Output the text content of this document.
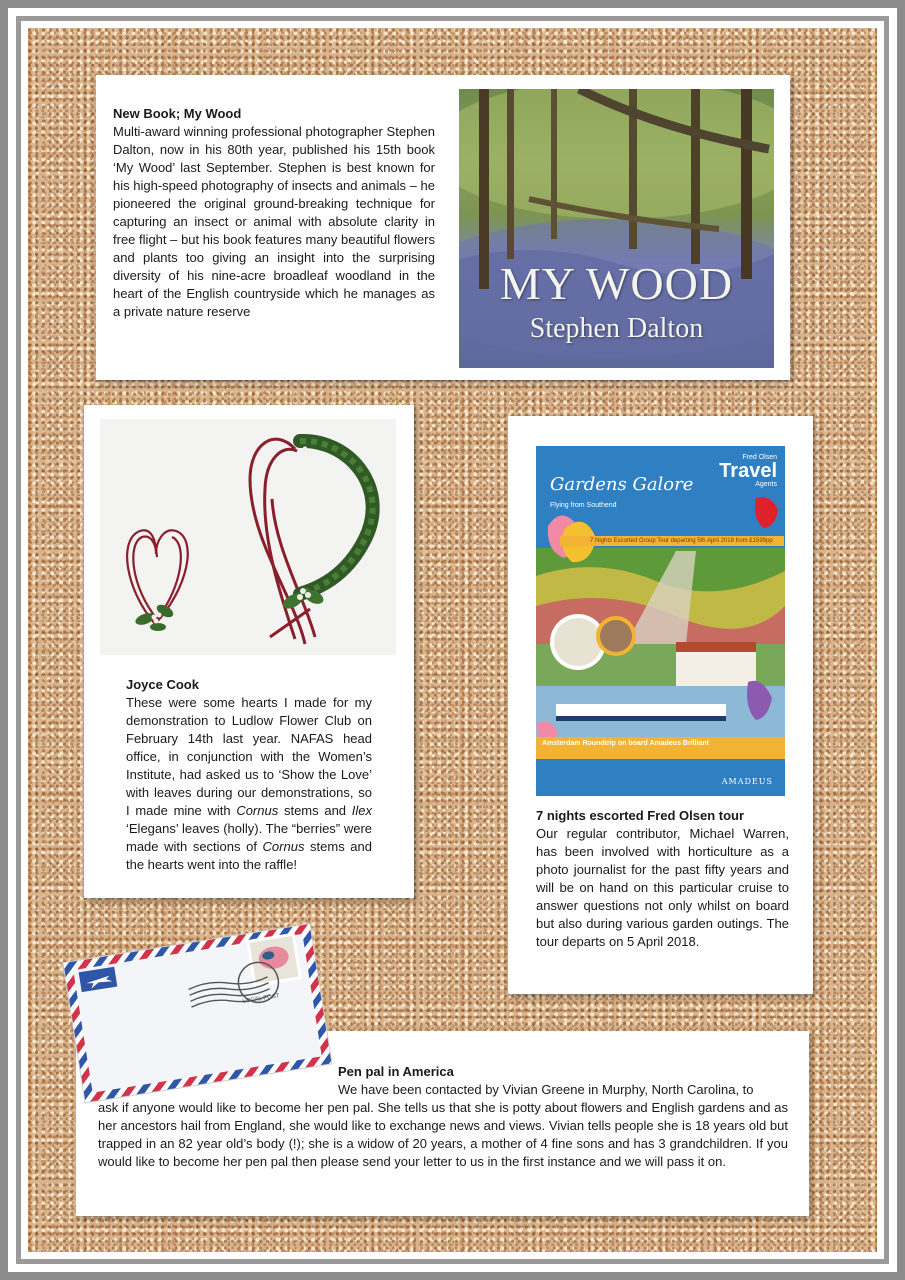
New Book; My Wood
Multi-award winning professional photographer Stephen Dalton, now in his 80th year, published his 15th book ‘My Wood’ last September. Stephen is best known for his high-speed photography of insects and animals – he pioneered the original ground-breaking technique for capturing an insect or animal with absolute clarity in free flight – but his book features many beautiful flowers and plants too giving an insight into the surprising diversity of his nine-acre broadleaf woodland in the heart of the English countryside which he manages as a private nature reserve
MY WOOD
Stephen Dalton
Joyce Cook
These were some hearts I made for my demonstration to Ludlow Flower Club on February 14th last year. NAFAS head office, in conjunction with the Women’s Institute, had asked us to ‘Show the Love’ with leaves during our demonstrations, so I made mine with Cornus stems and Ilex ‘Elegans’ leaves (holly). The “berries” were made with sections of Cornus stems and the hearts went into the raffle!
Fred Olsen
Travel
Agents
Gardens Galore
Flying from Southend
7 Nights Escorted Group Tour departing 5th April 2018 from £1599pp
Amsterdam Roundtrip on board Amadeus Brilliant
AMADEUS
7 nights escorted Fred Olsen tour
Our regular contributor, Michael Warren, has been involved with horticulture as a photo journalist for the past fifty years and will be on hand on this particular cruise to answer questions not only whilst on board but also during various garden outings. The tour departs on 5 April 2018.
Pen pal in America
We have been contacted by Vivian Greene in Murphy, North Carolina, to
ask if anyone would like to become her pen pal. She tells us that she is potty about flowers and English gardens and as her ancestors hail from England, she would like to exchange news and views. Vivian tells people she is 18 years old but trapped in an 82 year old’s body (!); she is a widow of 20 years, a mother of 4 fine sons and has 3 grandchildren. If you would like to become her pen pal then please send your letter to us in the first instance and we will pass it on.
LOCAL POST
